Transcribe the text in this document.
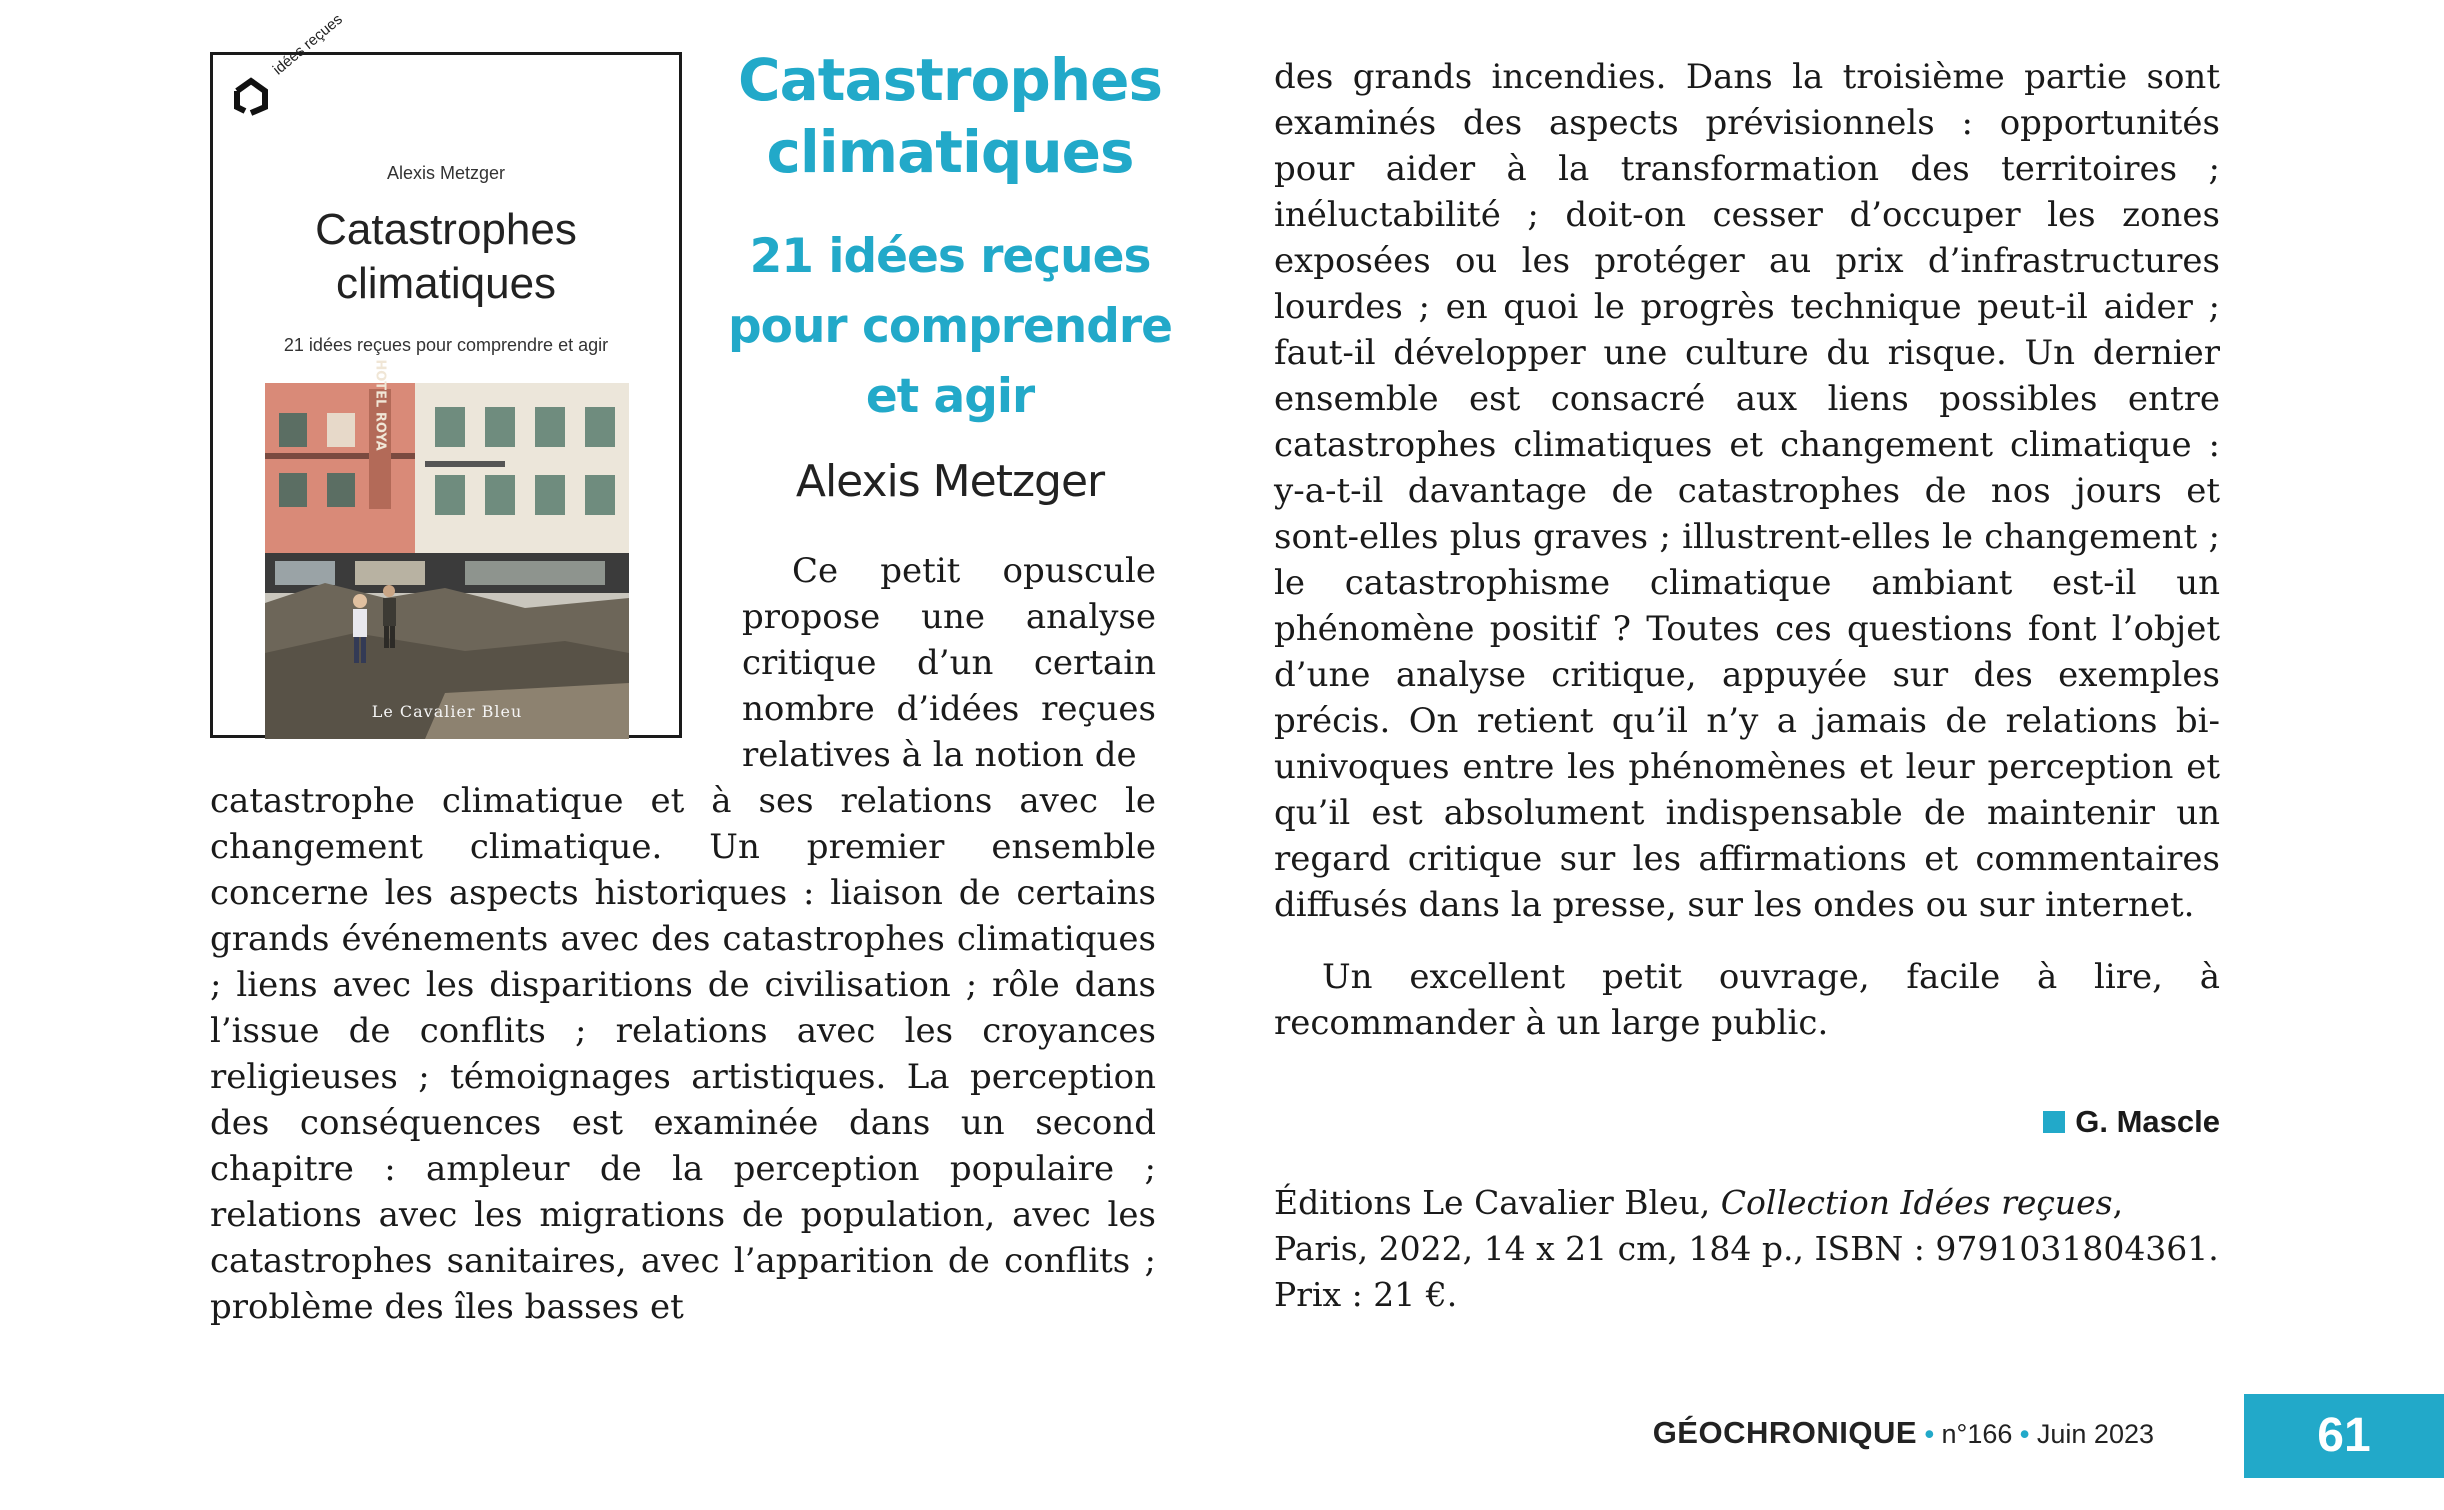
idées reçues
Alexis Metzger
Catastrophes
climatiques
21 idées reçues pour comprendre et agir
HOTEL ROYA
Le Cavalier Bleu
Catastrophes
climatiques
21 idées reçues
pour comprendre
et agir
Alexis Metzger

Ce petit opuscule propose une analyse critique d’un certain nombre d’idées reçues relatives à la notion de

catastrophe climatique et à ses relations avec le changement climatique. Un premier ensemble concerne les aspects historiques : liaison de certains grands événements avec des catastrophes climatiques ; liens avec les disparitions de civilisation ; rôle dans l’issue de conflits ; relations avec les croyances religieuses ; témoignages artistiques. La perception des conséquences est examinée dans un second chapitre : ampleur de la perception populaire ; relations avec les migrations de population, avec les catastrophes sanitaires, avec l’apparition de conflits ; problème des îles basses et

des grands incendies. Dans la troisième partie sont examinés des aspects prévisionnels : opportunités pour aider à la transformation des territoires ; inéluctabilité ; doit-on cesser d’occuper les zones exposées ou les protéger au prix d’infrastructures lourdes ; en quoi le progrès technique peut-il aider ; faut-il développer une culture du risque. Un dernier ensemble est consacré aux liens possibles entre catastrophes climatiques et changement climatique : y-a-t-il davantage de catastrophes de nos jours et sont-elles plus graves ; illustrent-elles le changement ; le catastrophisme climatique ambiant est-il un phénomène positif ? Toutes ces questions font l’objet d’une analyse critique, appuyée sur des exemples précis. On retient qu’il n’y a jamais de relations bi-univoques entre les phénomènes et leur perception et qu’il est absolument indispensable de maintenir un regard critique sur les affirmations et commentaires diffusés dans la presse, sur les ondes ou sur internet.

Un excellent petit ouvrage, facile à lire, à recommander à un large public.

G. Mascle

Éditions Le Cavalier Bleu, Collection Idées reçues, Paris, 2022, 14 x 21 cm, 184 p., ISBN : 9791031804361. Prix : 21 €.

GÉOCHRONIQUE • n°166 • Juin 2023	61
